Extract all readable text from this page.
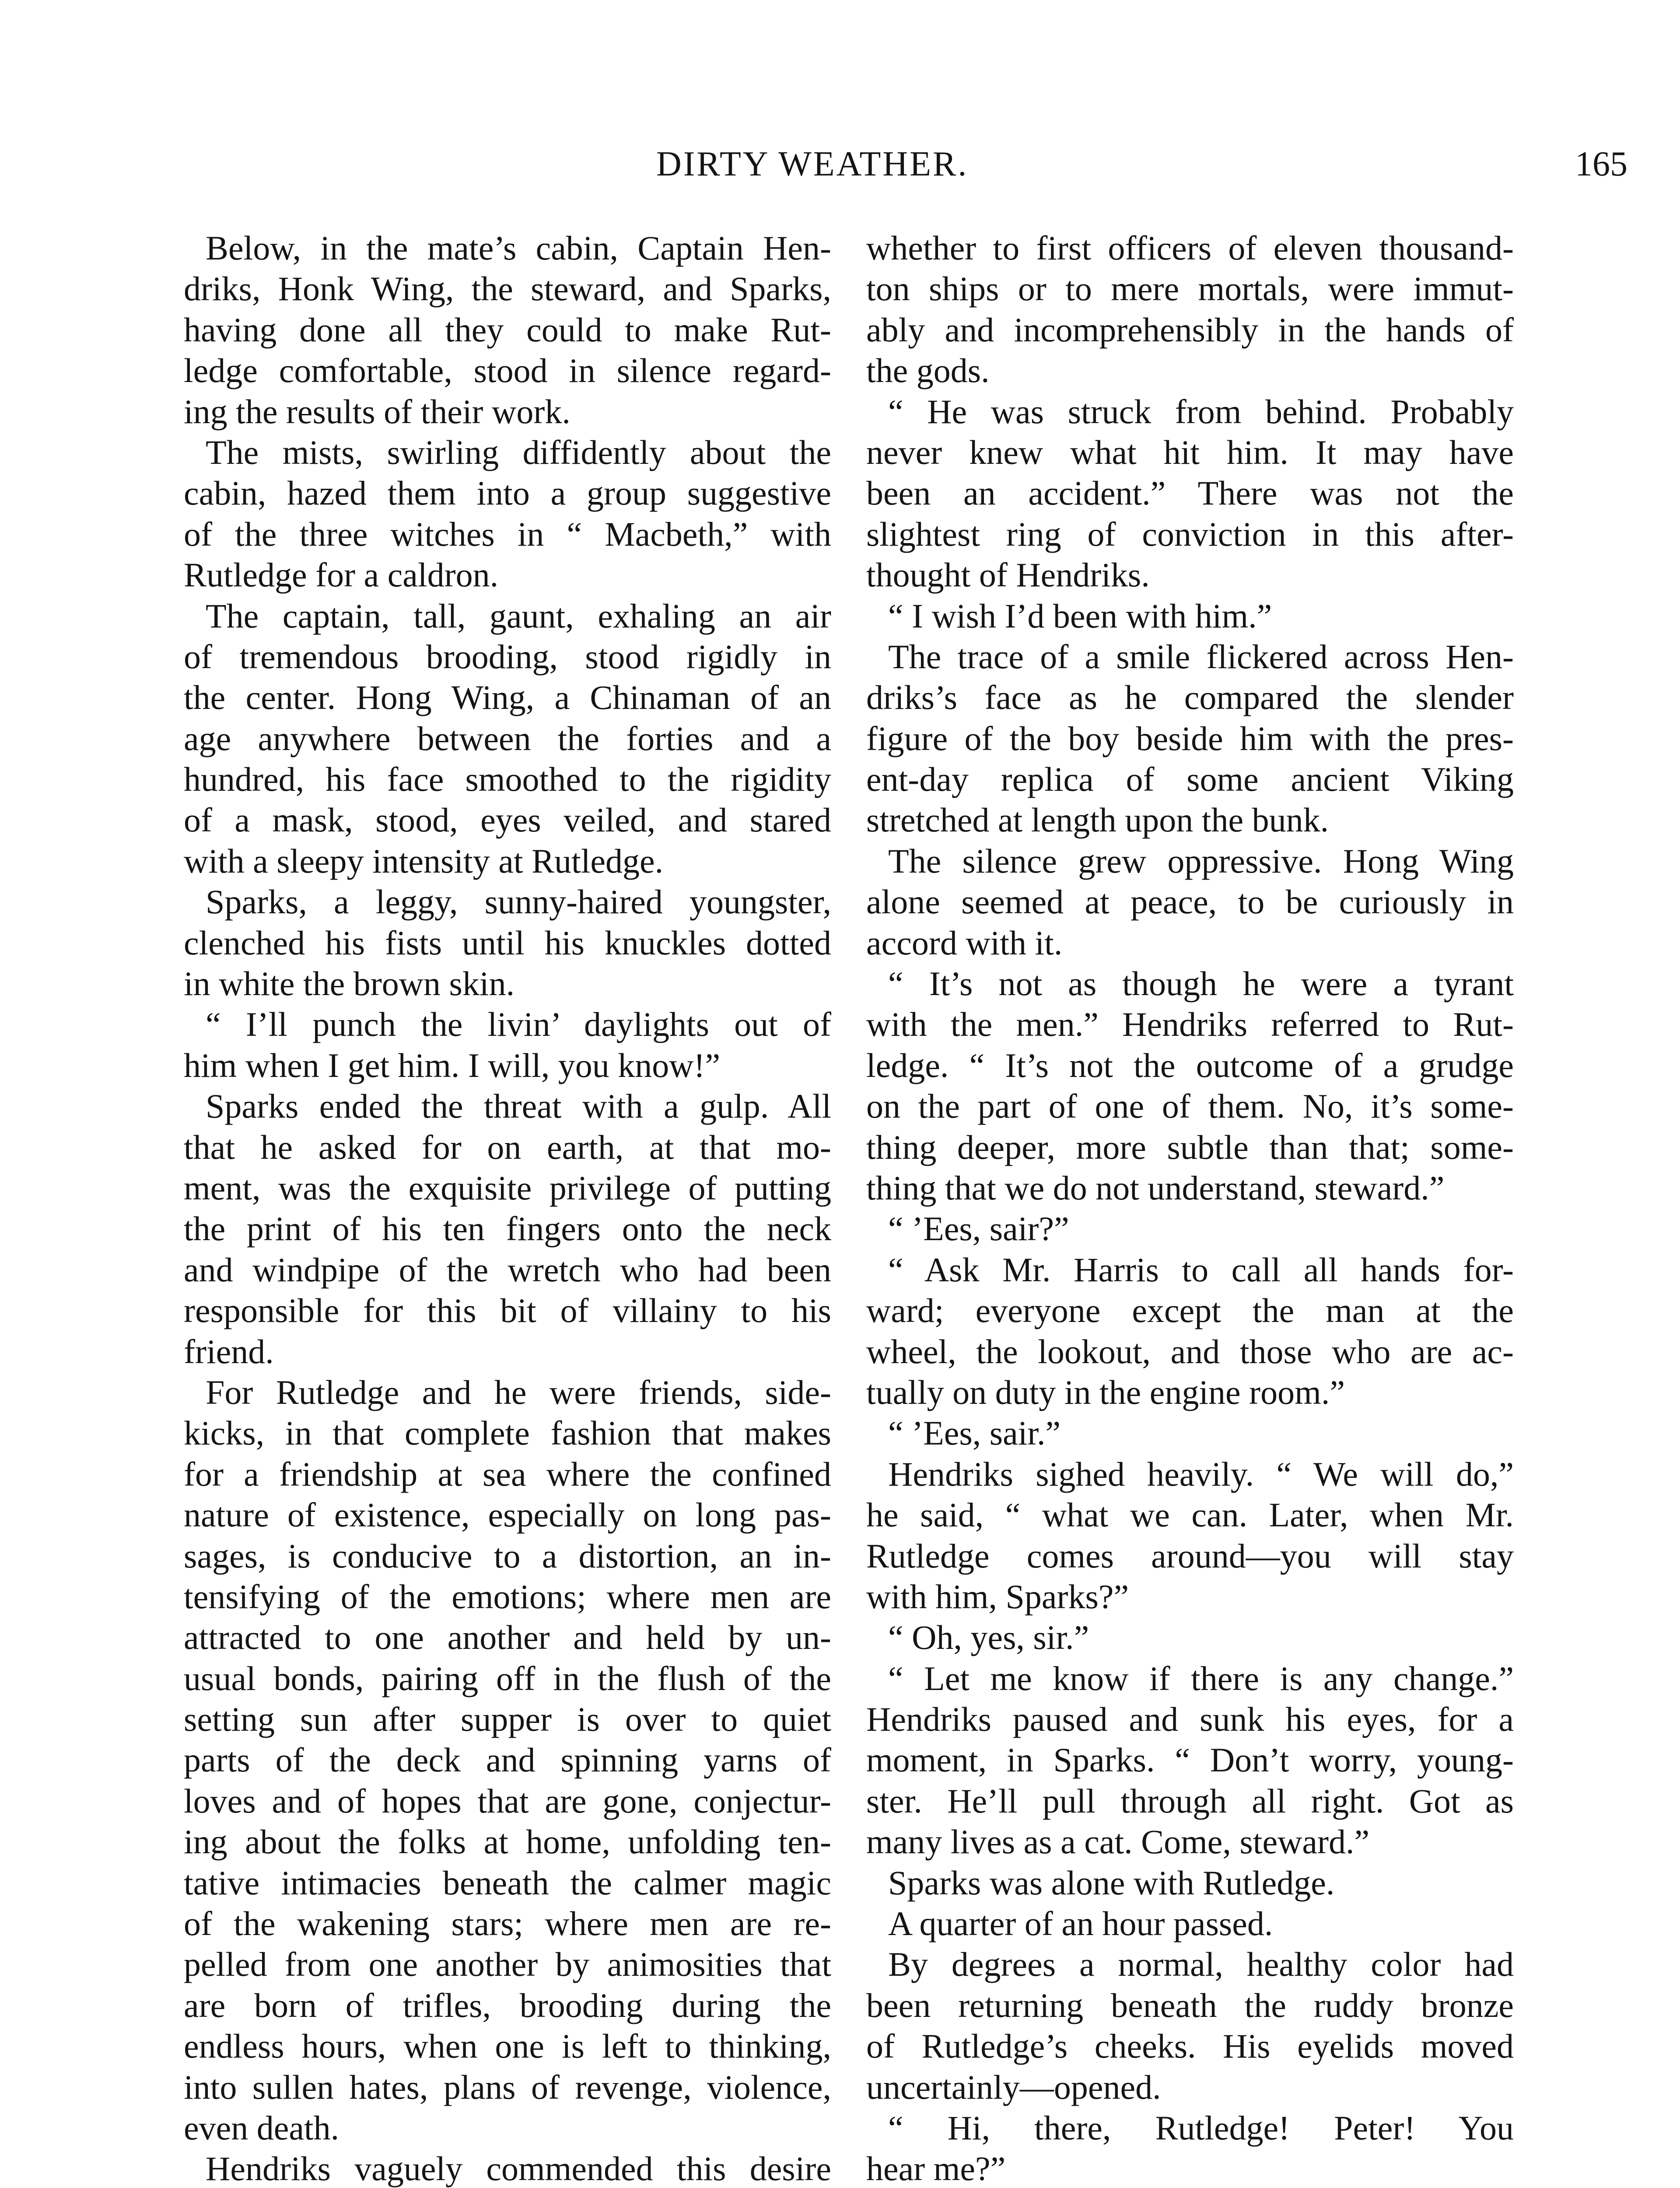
DIRTY WEATHER.	165
Below, in the mate’s cabin, Captain Hen-
driks, Honk Wing, the steward, and Sparks,
having done all they could to make Rut-
ledge comfortable, stood in silence regard-
ing the results of their work.
The mists, swirling diffidently about the
cabin, hazed them into a group suggestive
of the three witches in “ Macbeth,” with
Rutledge for a caldron.
The captain, tall, gaunt, exhaling an air
of tremendous brooding, stood rigidly in
the center. Hong Wing, a Chinaman of an
age anywhere between the forties and a
hundred, his face smoothed to the rigidity
of a mask, stood, eyes veiled, and stared
with a sleepy intensity at Rutledge.
Sparks, a leggy, sunny-haired youngster,
clenched his fists until his knuckles dotted
in white the brown skin.
“ I’ll punch the livin’ daylights out of
him when I get him. I will, you know!”
Sparks ended the threat with a gulp. All
that he asked for on earth, at that mo-
ment, was the exquisite privilege of putting
the print of his ten fingers onto the neck
and windpipe of the wretch who had been
responsible for this bit of villainy to his
friend.
For Rutledge and he were friends, side-
kicks, in that complete fashion that makes
for a friendship at sea where the confined
nature of existence, especially on long pas-
sages, is conducive to a distortion, an in-
tensifying of the emotions; where men are
attracted to one another and held by un-
usual bonds, pairing off in the flush of the
setting sun after supper is over to quiet
parts of the deck and spinning yarns of
loves and of hopes that are gone, conjectur-
ing about the folks at home, unfolding ten-
tative intimacies beneath the calmer magic
of the wakening stars; where men are re-
pelled from one another by animosities that
are born of trifles, brooding during the
endless hours, when one is left to thinking,
into sullen hates, plans of revenge, violence,
even death.
Hendriks vaguely commended this desire
whether to first officers of eleven thousand-
ton ships or to mere mortals, were immut-
ably and incomprehensibly in the hands of
the gods.
“ He was struck from behind. Probably
never knew what hit him. It may have
been an accident.” There was not the
slightest ring of conviction in this after-
thought of Hendriks.
“ I wish I’d been with him.”
The trace of a smile flickered across Hen-
driks’s face as he compared the slender
figure of the boy beside him with the pres-
ent-day replica of some ancient Viking
stretched at length upon the bunk.
The silence grew oppressive. Hong Wing
alone seemed at peace, to be curiously in
accord with it.
“ It’s not as though he were a tyrant
with the men.” Hendriks referred to Rut-
ledge. “ It’s not the outcome of a grudge
on the part of one of them. No, it’s some-
thing deeper, more subtle than that; some-
thing that we do not understand, steward.”
“ ’Ees, sair?”
“ Ask Mr. Harris to call all hands for-
ward; everyone except the man at the
wheel, the lookout, and those who are ac-
tually on duty in the engine room.”
“ ’Ees, sair.”
Hendriks sighed heavily. “ We will do,”
he said, “ what we can. Later, when Mr.
Rutledge comes around—you will stay
with him, Sparks?”
“ Oh, yes, sir.”
“ Let me know if there is any change.”
Hendriks paused and sunk his eyes, for a
moment, in Sparks. “ Don’t worry, young-
ster. He’ll pull through all right. Got as
many lives as a cat. Come, steward.”
Sparks was alone with Rutledge.
A quarter of an hour passed.
By degrees a normal, healthy color had
been returning beneath the ruddy bronze
of Rutledge’s cheeks. His eyelids moved
uncertainly—opened.
“ Hi, there, Rutledge! Peter! You
hear me?”
